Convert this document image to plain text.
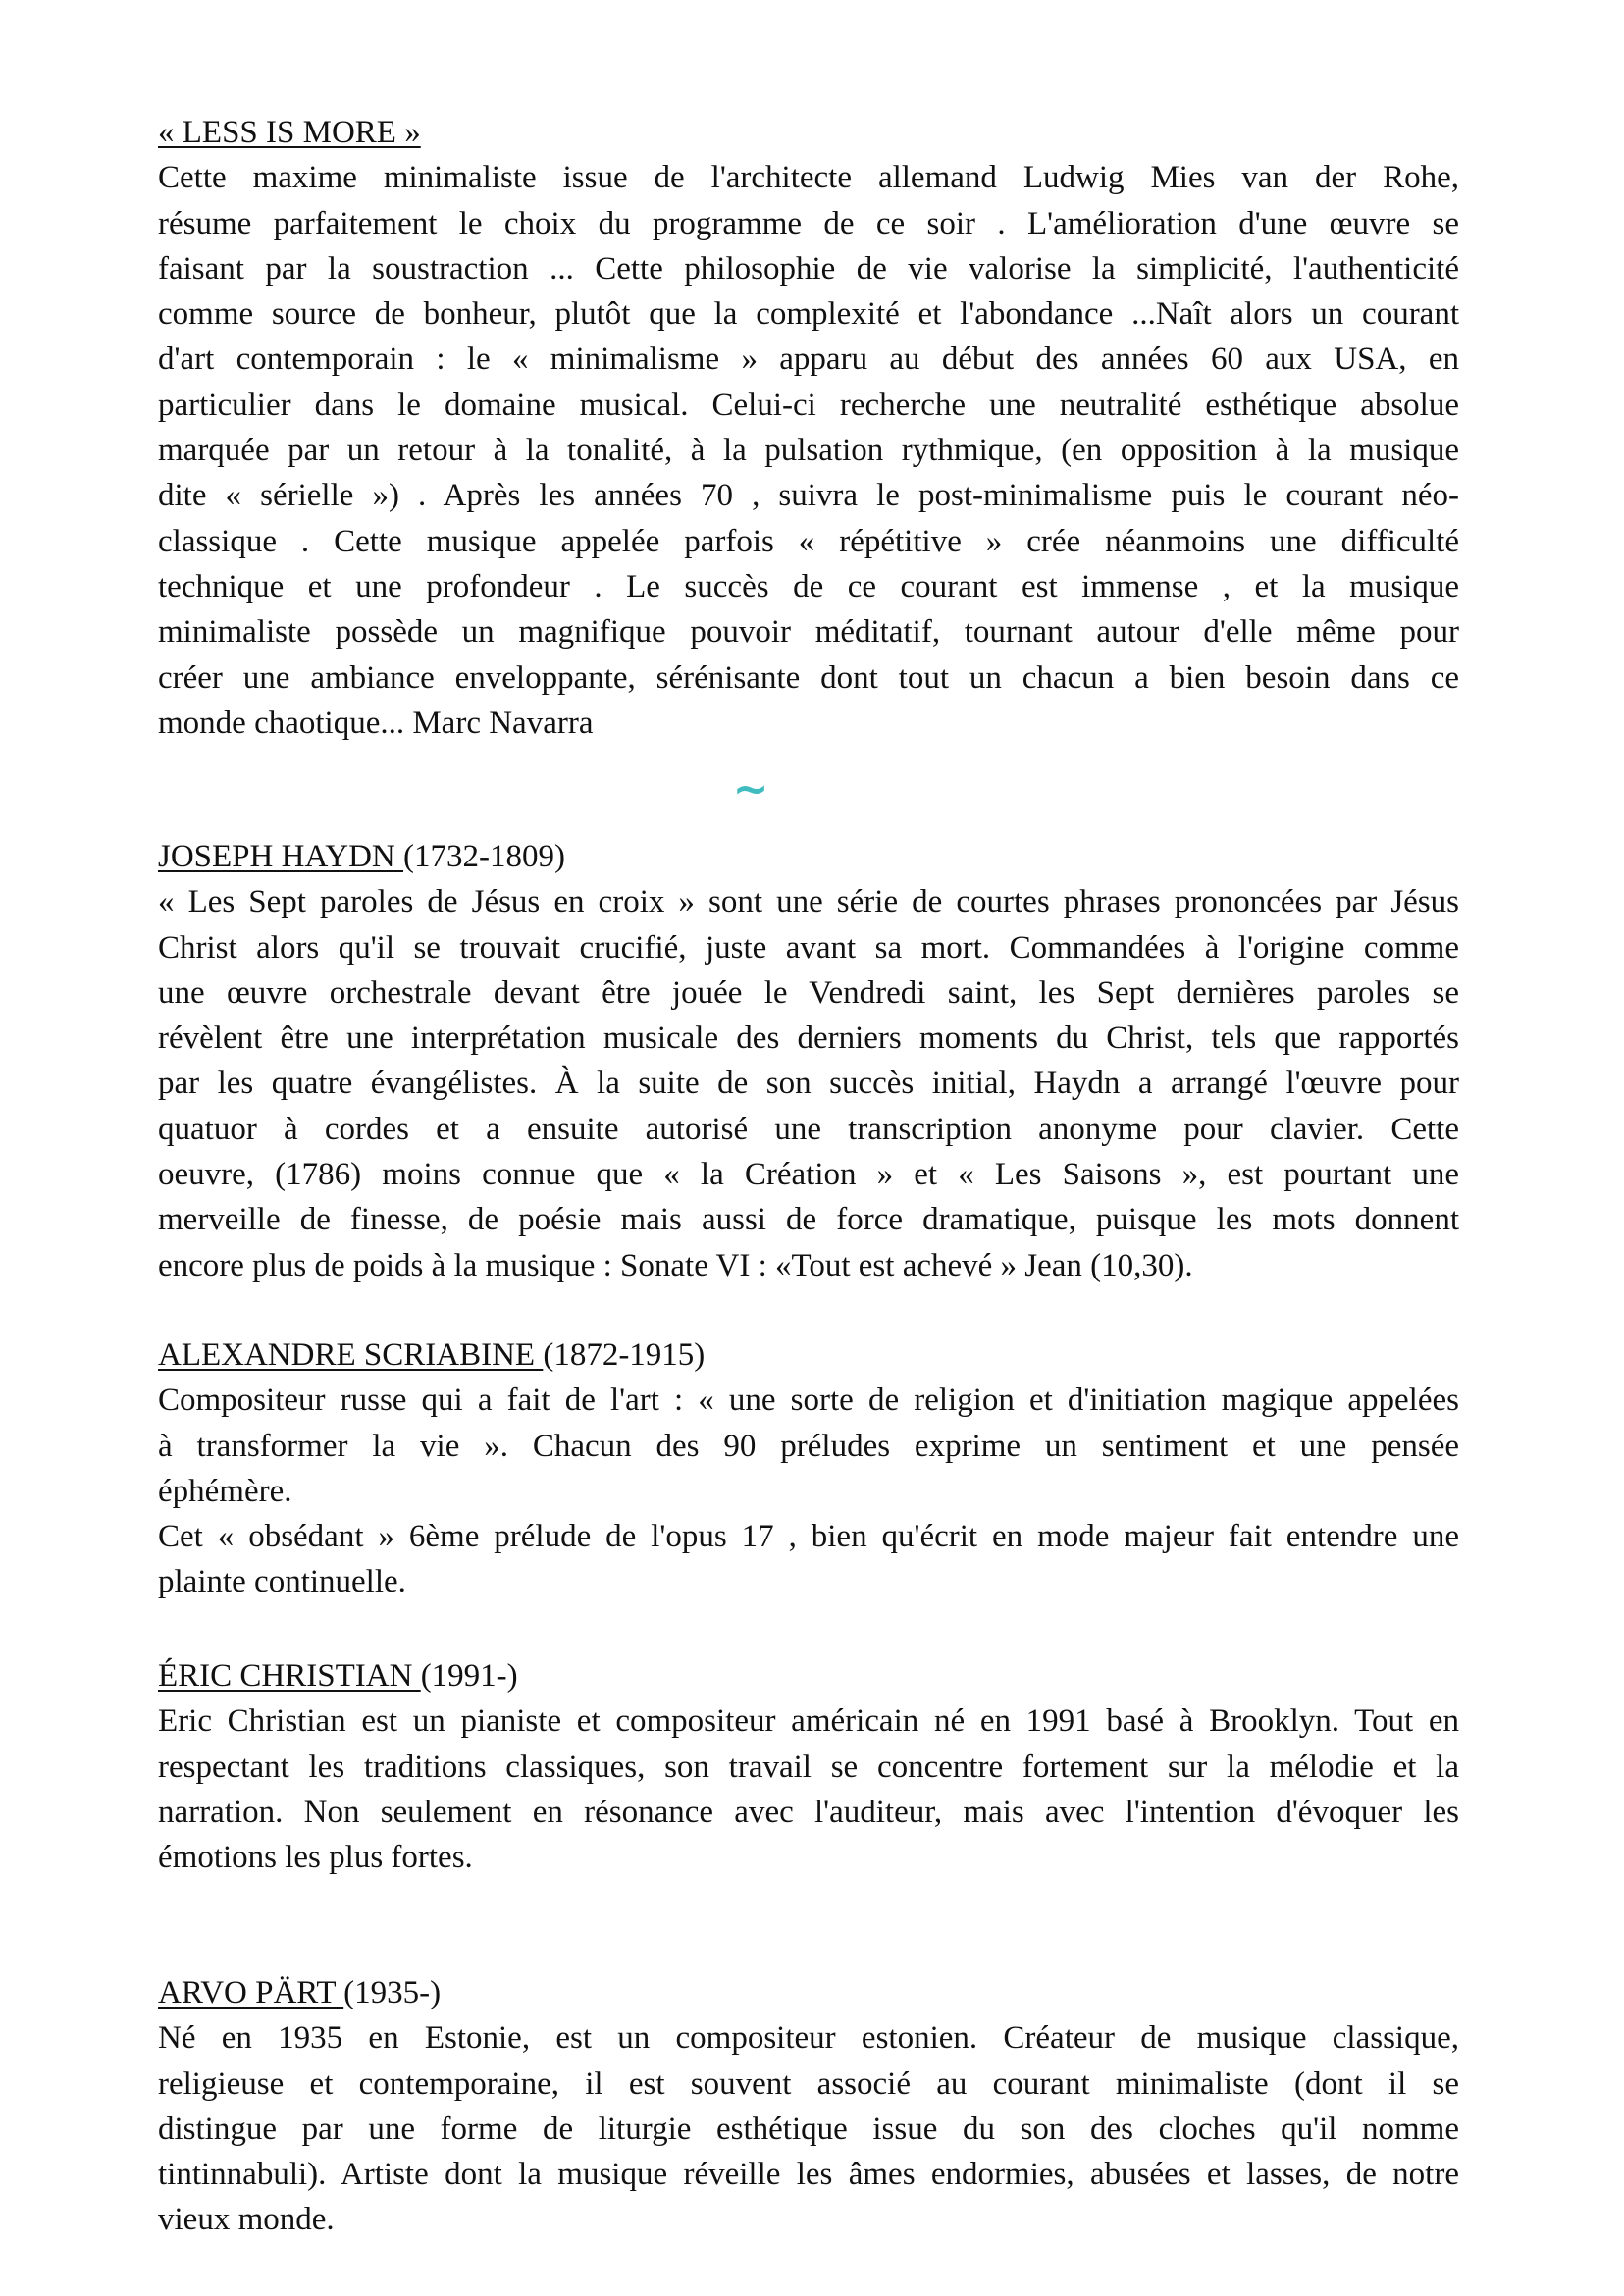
« LESS IS MORE »
Cette maxime minimaliste issue de l'architecte allemand Ludwig Mies van der Rohe,
résume parfaitement le choix du programme de ce soir . L'amélioration d'une œuvre se
faisant par la soustraction ... Cette philosophie de vie valorise la simplicité, l'authenticité
comme source de bonheur, plutôt que la complexité et l'abondance ...Naît alors un courant
d'art contemporain : le « minimalisme » apparu au début des années 60 aux USA, en
particulier dans le domaine musical. Celui-ci recherche une neutralité esthétique absolue
marquée par un retour à la tonalité, à la pulsation rythmique, (en opposition à la musique
dite « sérielle ») . Après les années 70 , suivra le post-minimalisme puis le courant néo-
classique . Cette musique appelée parfois « répétitive » crée néanmoins une difficulté
technique et une profondeur . Le succès de ce courant est immense , et la musique
minimaliste possède un magnifique pouvoir méditatif, tournant autour d'elle même pour
créer une ambiance enveloppante, sérénisante dont tout un chacun a bien besoin dans ce
monde chaotique... Marc Navarra
~
JOSEPH HAYDN (1732-1809)
« Les Sept paroles de Jésus en croix » sont une série de courtes phrases prononcées par Jésus
Christ alors qu'il se trouvait crucifié, juste avant sa mort. Commandées à l'origine comme
une œuvre orchestrale devant être jouée le Vendredi saint, les Sept dernières paroles se
révèlent être une interprétation musicale des derniers moments du Christ, tels que rapportés
par les quatre évangélistes. À la suite de son succès initial, Haydn a arrangé l'œuvre pour
quatuor à cordes et a ensuite autorisé une transcription anonyme pour clavier. Cette
oeuvre, (1786) moins connue que « la Création » et « Les Saisons », est pourtant une
merveille de finesse, de poésie mais aussi de force dramatique, puisque les mots donnent
encore plus de poids à la musique : Sonate VI : «Tout est achevé » Jean (10,30).
ALEXANDRE SCRIABINE (1872-1915)
Compositeur russe qui a fait de l'art : « une sorte de religion et d'initiation magique appelées
à transformer la vie ». Chacun des 90 préludes exprime un sentiment et une pensée
éphémère.
Cet « obsédant » 6ème prélude de l'opus 17 , bien qu'écrit en mode majeur fait entendre une
plainte continuelle.
ÉRIC CHRISTIAN (1991-)
Eric Christian est un pianiste et compositeur américain né en 1991 basé à Brooklyn. Tout en
respectant les traditions classiques, son travail se concentre fortement sur la mélodie et la
narration. Non seulement en résonance avec l'auditeur, mais avec l'intention d'évoquer les
émotions les plus fortes.
ARVO PÄRT (1935-)
Né en 1935 en Estonie, est un compositeur estonien. Créateur de musique classique,
religieuse et contemporaine, il est souvent associé au courant minimaliste (dont il se
distingue par une forme de liturgie esthétique issue du son des cloches qu'il nomme
tintinnabuli). Artiste dont la musique réveille les âmes endormies, abusées et lasses, de notre
vieux monde.
